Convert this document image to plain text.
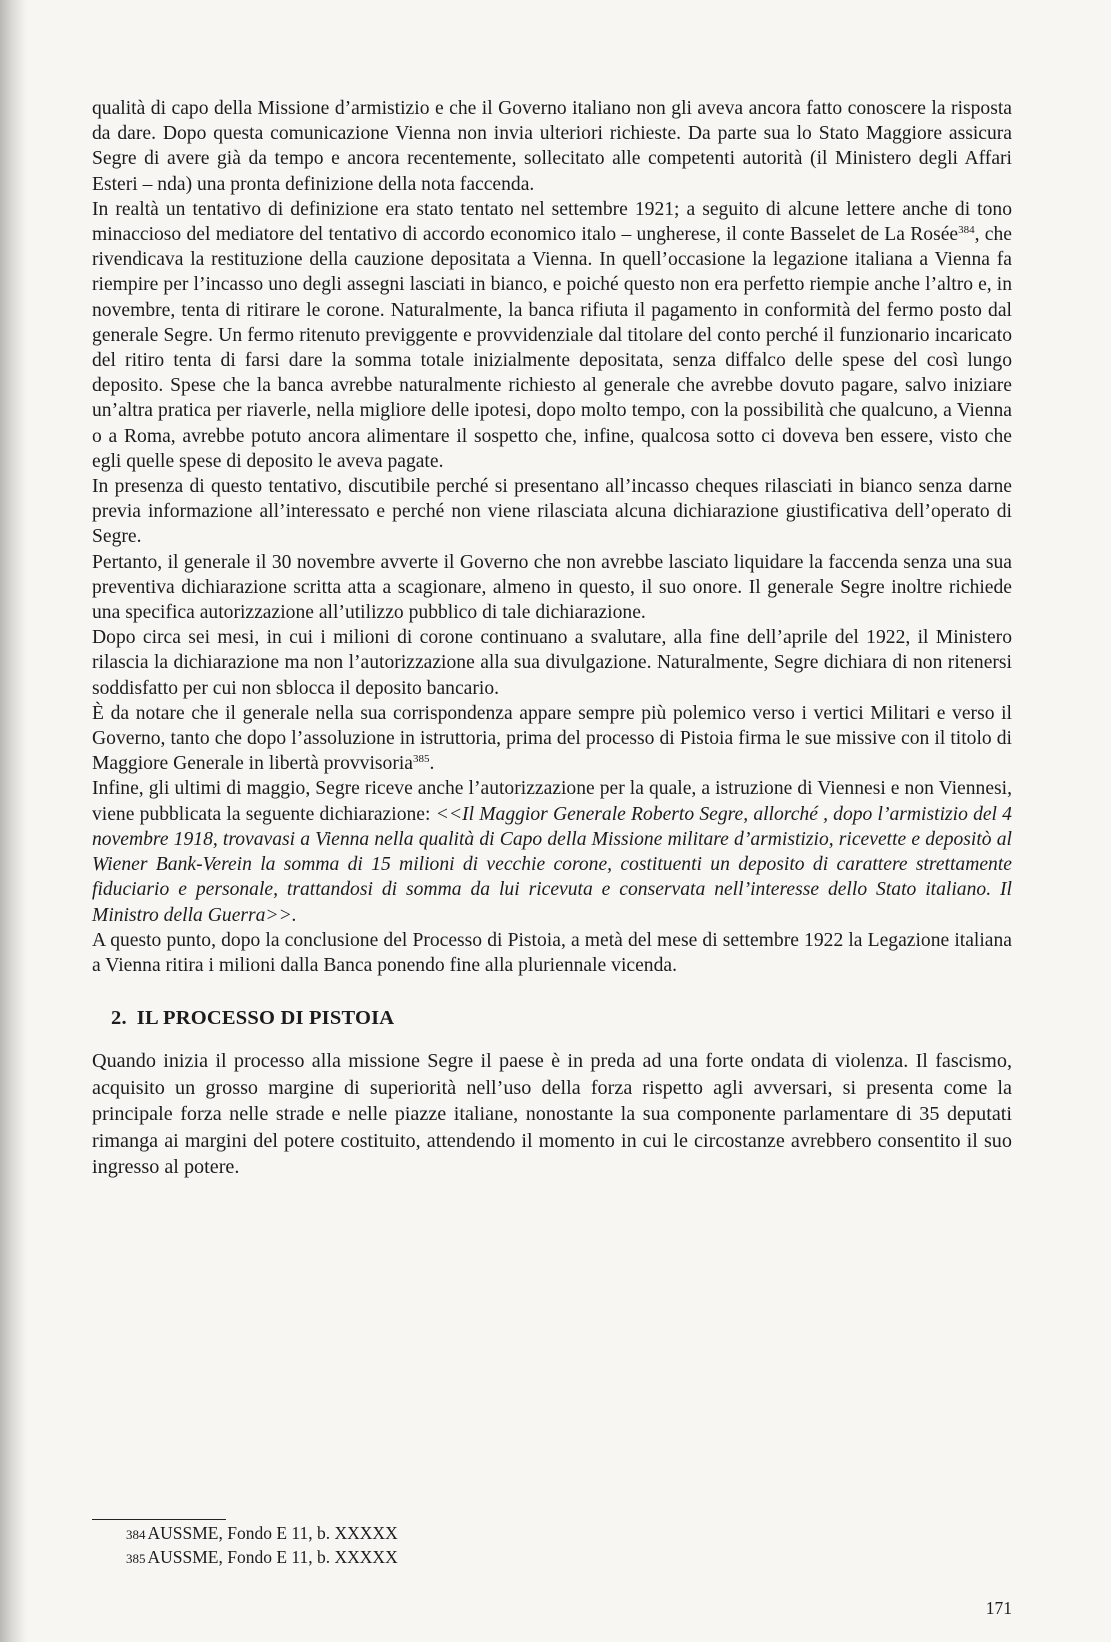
qualità di capo della Missione d’armistizio e che il Governo italiano non gli aveva ancora fatto conoscere la risposta da dare. Dopo questa comunicazione Vienna non invia ulteriori richieste. Da parte sua lo Stato Maggiore assicura Segre di avere già da tempo e ancora recentemente, sollecitato alle competenti autorità (il Ministero degli Affari Esteri – nda) una pronta definizione della nota faccenda.

In realtà un tentativo di definizione era stato tentato nel settembre 1921; a seguito di alcune lettere anche di tono minaccioso del mediatore del tentativo di accordo economico italo – ungherese, il conte Basselet de La Rosée$^{384}$, che rivendicava la restituzione della cauzione depositata a Vienna. In quell’occasione la legazione italiana a Vienna fa riempire per l’incasso uno degli assegni lasciati in bianco, e poiché questo non era perfetto riempie anche l’altro e, in novembre, tenta di ritirare le corone. Naturalmente, la banca rifiuta il pagamento in conformità del fermo posto dal generale Segre. Un fermo ritenuto previggente e provvidenziale dal titolare del conto perché il funzionario incaricato del ritiro tenta di farsi dare la somma totale inizialmente depositata, senza diffalco delle spese del così lungo deposito. Spese che la banca avrebbe naturalmente richiesto al generale che avrebbe dovuto pagare, salvo iniziare un’altra pratica per riaverle, nella migliore delle ipotesi, dopo molto tempo, con la possibilità che qualcuno, a Vienna o a Roma, avrebbe potuto ancora alimentare il sospetto che, infine, qualcosa sotto ci doveva ben essere, visto che egli quelle spese di deposito le aveva pagate.

In presenza di questo tentativo, discutibile perché si presentano all’incasso cheques rilasciati in bianco senza darne previa informazione all’interessato e perché non viene rilasciata alcuna dichiarazione giustificativa dell’operato di Segre.

Pertanto, il generale il 30 novembre avverte il Governo che non avrebbe lasciato liquidare la faccenda senza una sua preventiva dichiarazione scritta atta a scagionare, almeno in questo, il suo onore. Il generale Segre inoltre richiede una specifica autorizzazione all’utilizzo pubblico di tale dichiarazione.

Dopo circa sei mesi, in cui i milioni di corone continuano a svalutare, alla fine dell’aprile del 1922, il Ministero rilascia la dichiarazione ma non l’autorizzazione alla sua divulgazione. Naturalmente, Segre dichiara di non ritenersi soddisfatto per cui non sblocca il deposito bancario.

È da notare che il generale nella sua corrispondenza appare sempre più polemico verso i vertici Militari e verso il Governo, tanto che dopo l’assoluzione in istruttoria, prima del processo di Pistoia firma le sue missive con il titolo di Maggiore Generale in libertà provvisoria$^{385}$.

Infine, gli ultimi di maggio, Segre riceve anche l’autorizzazione per la quale, a istruzione di Viennesi e non Viennesi, viene pubblicata la seguente dichiarazione: <<Il Maggior Generale Roberto Segre, allorché , dopo l’armistizio del 4 novembre 1918, trovavasi a Vienna nella qualità di Capo della Missione militare d’armistizio, ricevette e depositò al Wiener Bank-Verein la somma di 15 milioni di vecchie corone, costituenti un deposito di carattere strettamente fiduciario e personale, trattandosi di somma da lui ricevuta e conservata nell’interesse dello Stato italiano. Il Ministro della Guerra>>.

A questo punto, dopo la conclusione del Processo di Pistoia, a metà del mese di settembre 1922 la Legazione italiana a Vienna ritira i milioni dalla Banca ponendo fine alla pluriennale vicenda.

2. IL PROCESSO DI PISTOIA

Quando inizia il processo alla missione Segre il paese è in preda ad una forte ondata di violenza. Il fascismo, acquisito un grosso margine di superiorità nell’uso della forza rispetto agli avversari, si presenta come la principale forza nelle strade e nelle piazze italiane, nonostante la sua componente parlamentare di 35 deputati rimanga ai margini del potere costituito, attendendo il momento in cui le circostanze avrebbero consentito il suo ingresso al potere.

384 AUSSME, Fondo E 11, b. XXXXX
385 AUSSME, Fondo E 11, b. XXXXX
171
